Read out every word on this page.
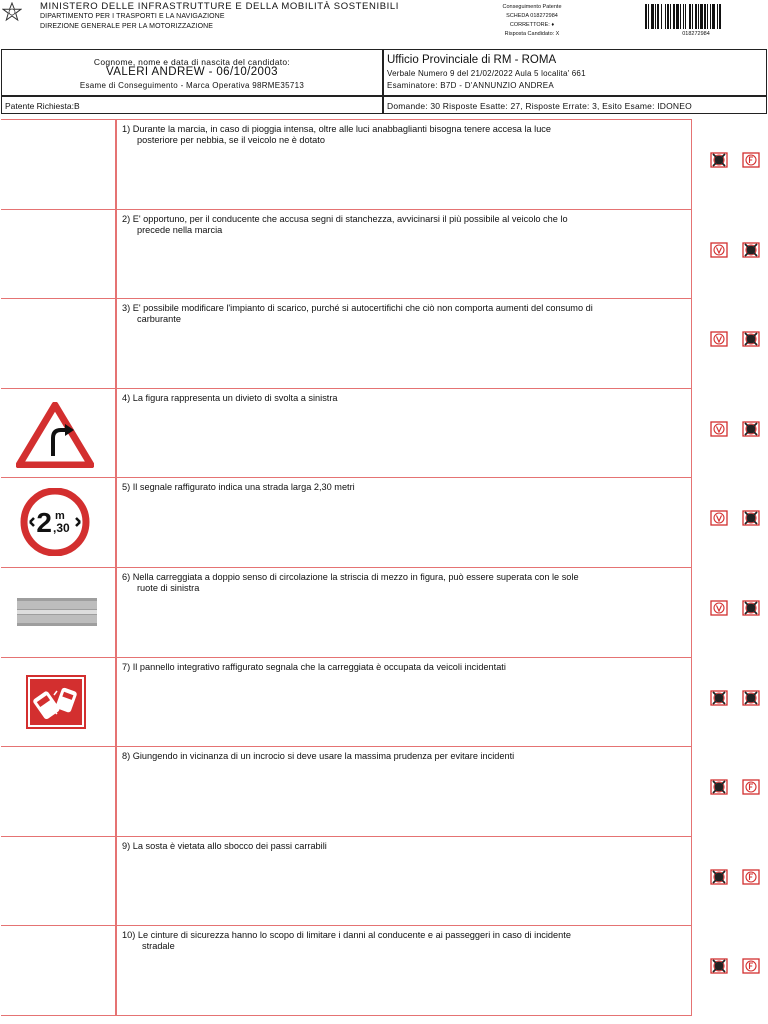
MINISTERO DELLE INFRASTRUTTURE E DELLA MOBILITÀ SOSTENIBILI
DIPARTIMENTO PER I TRASPORTI E LA NAVIGAZIONE
DIREZIONE GENERALE PER LA MOTORIZZAZIONE
Conseguimento Patente
SCHEDA 018272984
CORRETTORE: ♦
Risposta Candidato: X	018272984
Cognome, nome e data di nascita del candidato:
VALERI ANDREW - 06/10/2003
Esame di Conseguimento - Marca Operativa 98RME35713
Ufficio Provinciale di RM - ROMA
Verbale Numero 9 del 21/02/2022 Aula 5 localita' 661
Esaminatore: B7D - D'ANNUNZIO ANDREA
Patente Richiesta:B	Domande: 30 Risposte Esatte: 27, Risposte Errate: 3, Esito Esame: IDONEO
1) Durante la marcia, in caso di pioggia intensa, oltre alle luci anabbaglianti bisogna tenere accesa la luce
posteriore per nebbia, se il veicolo ne è dotato
2) E' opportuno, per il conducente che accusa segni di stanchezza, avvicinarsi il più possibile al veicolo che lo
precede nella marcia
3) E' possibile modificare l'impianto di scarico, purché si autocertifichi che ciò non comporta aumenti del consumo di
carburante
4) La figura rappresenta un divieto di svolta a sinistra
2 m
,30
5) Il segnale raffigurato indica una strada larga 2,30 metri
6) Nella carreggiata a doppio senso di circolazione la striscia di mezzo in figura, può essere superata con le sole
ruote di sinistra
7) Il pannello integrativo raffigurato segnala che la carreggiata è occupata da veicoli incidentati
8) Giungendo in vicinanza di un incrocio si deve usare la massima prudenza per evitare incidenti
9) La sosta è vietata allo sbocco dei passi carrabili
10) Le cinture di sicurezza hanno lo scopo di limitare i danni al conducente e ai passeggeri in caso di incidente
stradale
